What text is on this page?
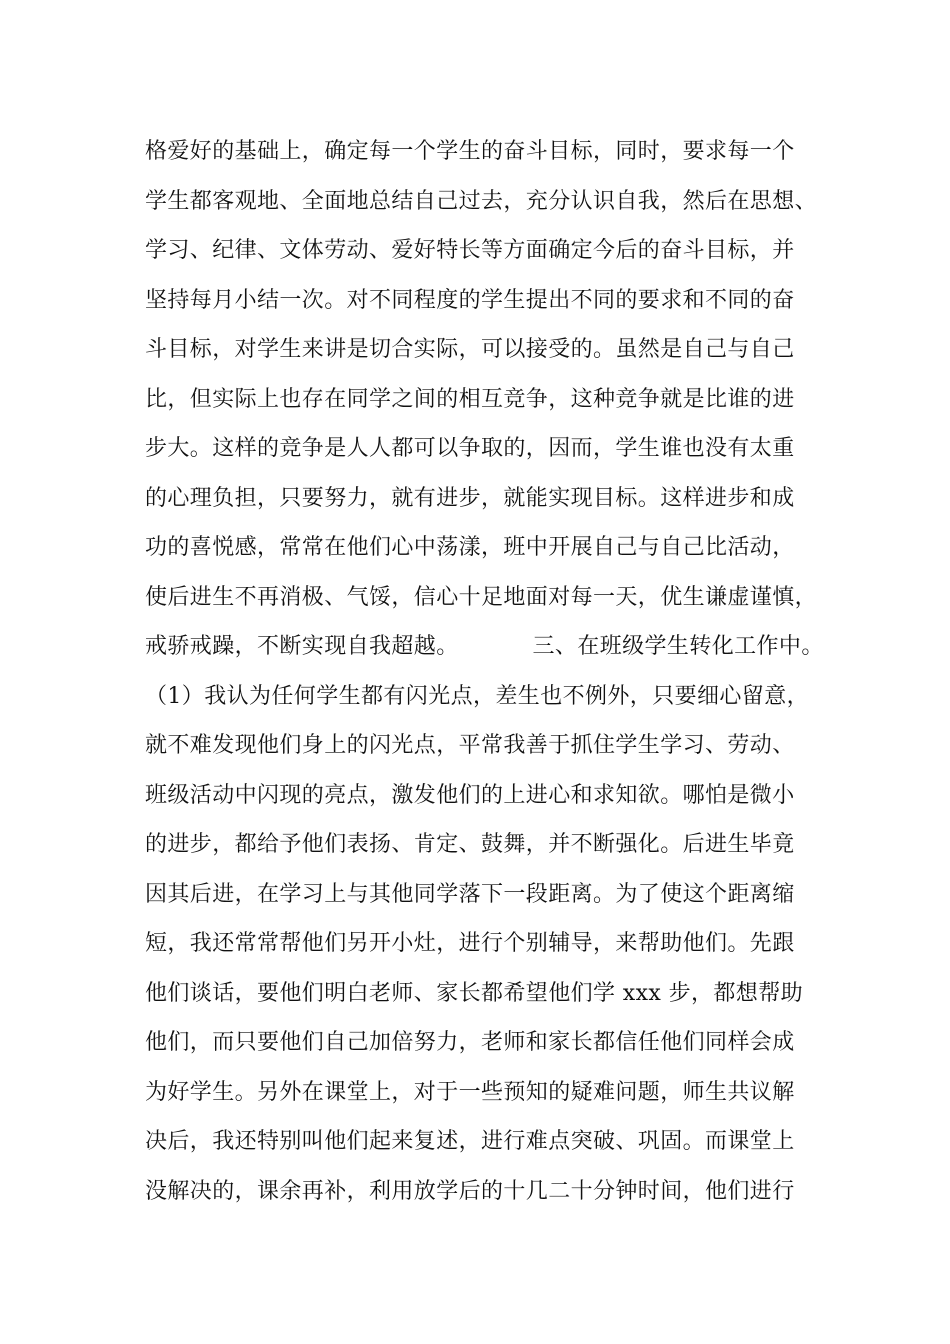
格爱好的基础上，确定每一个学生的奋斗目标，同时，要求每一个
学生都客观地、全面地总结自己过去，充分认识自我，然后在思想、
学习、纪律、文体劳动、爱好特长等方面确定今后的奋斗目标，并
坚持每月小结一次。对不同程度的学生提出不同的要求和不同的奋
斗目标，对学生来讲是切合实际，可以接受的。虽然是自己与自己
比，但实际上也存在同学之间的相互竞争，这种竞争就是比谁的进
步大。这样的竞争是人人都可以争取的，因而，学生谁也没有太重
的心理负担，只要努力，就有进步，就能实现目标。这样进步和成
功的喜悦感，常常在他们心中荡漾，班中开展自己与自己比活动，
使后进生不再消极、气馁，信心十足地面对每一天，优生谦虚谨慎，
戒骄戒躁，不断实现自我超越。          三、在班级学生转化工作中。
（1）我认为任何学生都有闪光点，差生也不例外，只要细心留意，
就不难发现他们身上的闪光点，平常我善于抓住学生学习、劳动、
班级活动中闪现的亮点，激发他们的上进心和求知欲。哪怕是微小
的进步，都给予他们表扬、肯定、鼓舞，并不断强化。后进生毕竟
因其后进，在学习上与其他同学落下一段距离。为了使这个距离缩
短，我还常常帮他们另开小灶，进行个别辅导，来帮助他们。先跟
他们谈话，要他们明白老师、家长都希望他们学 xxx 步，都想帮助
他们，而只要他们自己加倍努力，老师和家长都信任他们同样会成
为好学生。另外在课堂上，对于一些预知的疑难问题，师生共议解
决后，我还特别叫他们起来复述，进行难点突破、巩固。而课堂上
没解决的，课余再补，利用放学后的十几二十分钟时间，他们进行
